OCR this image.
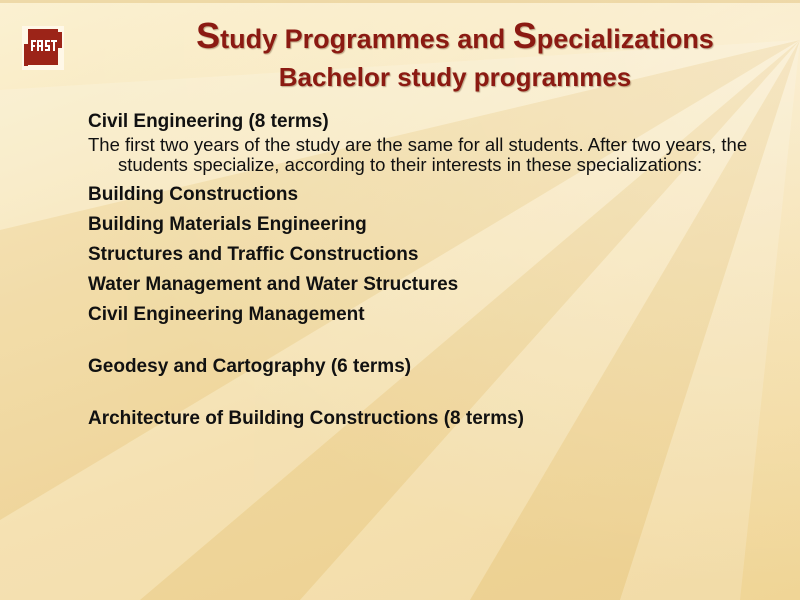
Study Programmes and Specializations
Bachelor study programmes
Civil Engineering (8 terms)
The first two years of the study are the same for all students. After two years, the students specialize, according to their interests in these specializations:
Building Constructions
Building Materials Engineering
Structures and Traffic Constructions
Water Management and Water Structures
Civil Engineering Management
Geodesy and Cartography (6 terms)
Architecture of Building Constructions (8 terms)
